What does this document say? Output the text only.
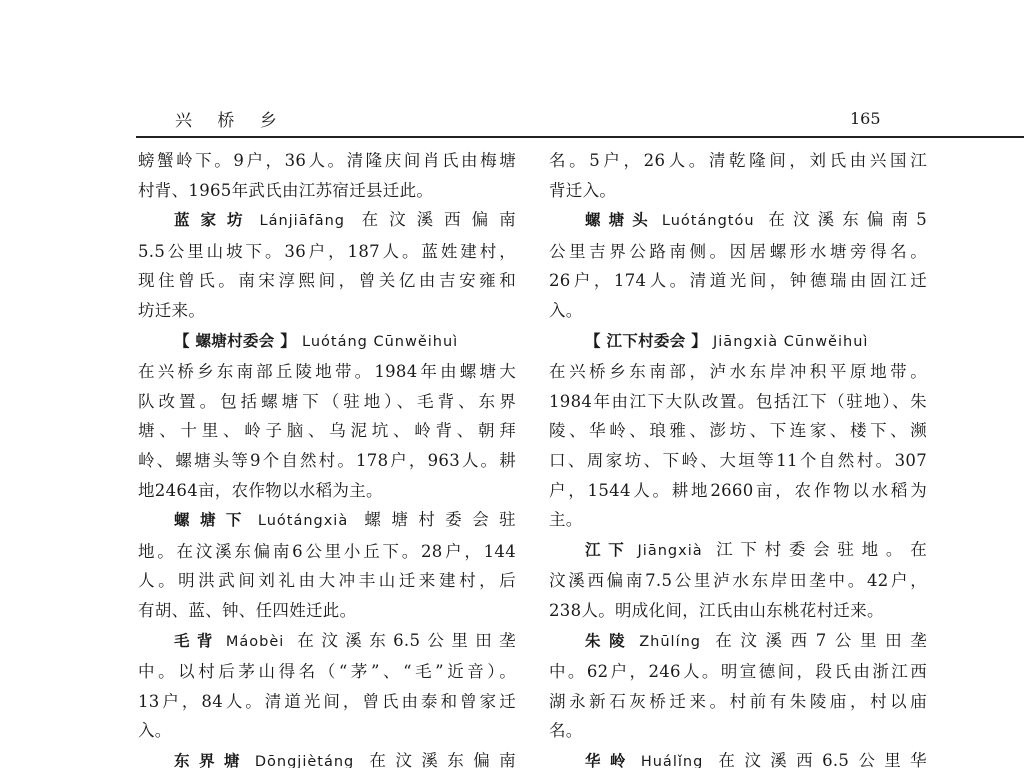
兴 桥 乡	165
螃蟹岭下。9户，36人。清隆庆间肖氏由梅塘
村背、1965年武氏由江苏宿迁县迁此。
蓝家坊 Lánjiāfāng 在汶溪西偏南
5.5公里山坡下。36户，187人。蓝姓建村，
现住曾氏。南宋淳熙间，曾关亿由吉安雍和
坊迁来。
【 螺塘村委会 】 Luótáng Cūnwěihuì
在兴桥乡东南部丘陵地带。1984年由螺塘大
队改置。包括螺塘下（驻地）、毛背、东界
塘、十里、岭子脑、乌泥坑、岭背、朝拜
岭、螺塘头等9个自然村。178户，963人。耕
地2464亩，农作物以水稻为主。
螺塘下 Luótángxià 螺塘村委会驻
地。在汶溪东偏南6公里小丘下。28户，144
人。明洪武间刘礼由大冲丰山迁来建村，后
有胡、蓝、钟、任四姓迁此。
毛背 Máobèi 在汶溪东6.5公里田垄
中。以村后茅山得名（“茅”、“毛”近音）。
13户，84人。清道光间，曾氏由泰和曾家迁
入。
东界塘 Dōngjiètáng 在汶溪东偏南
名。5户，26人。清乾隆间，刘氏由兴国江
背迁入。
螺塘头 Luótángtóu 在汶溪东偏南5
公里吉界公路南侧。因居螺形水塘旁得名。
26户，174人。清道光间，钟德瑞由固江迁
入。
【 江下村委会 】 Jiāngxià Cūnwěihuì
在兴桥乡东南部，泸水东岸冲积平原地带。
1984年由江下大队改置。包括江下（驻地）、朱
陵、华岭、琅雅、澎坊、下连家、楼下、濒
口、周家坊、下岭、大垣等11个自然村。307
户，1544人。耕地2660亩，农作物以水稻为
主。
江下 Jiāngxià 江下村委会驻地。在
汶溪西偏南7.5公里泸水东岸田垄中。42户，
238人。明成化间，江氏由山东桃花村迁来。
朱陵 Zhūlíng 在汶溪西7公里田垄
中。62户，246人。明宣德间，段氏由浙江西
湖永新石灰桥迁来。村前有朱陵庙，村以庙
名。
华岭 Huálǐng 在汶溪西6.5公里华
